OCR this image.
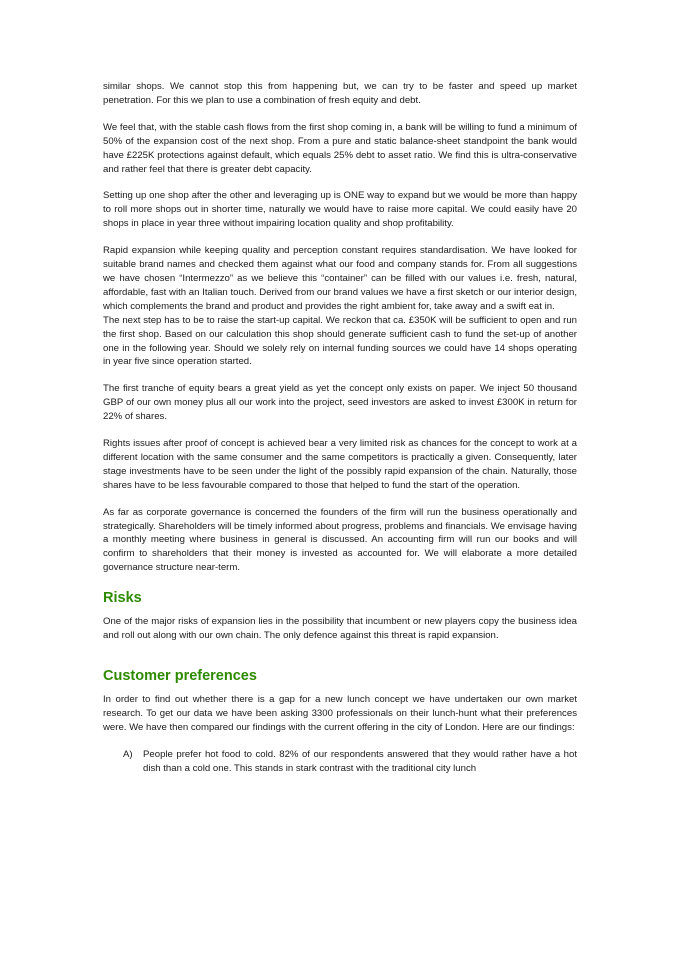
similar shops. We cannot stop this from happening but, we can try to be faster and speed up market penetration. For this we plan to use a combination of fresh equity and debt.

We feel that, with the stable cash flows from the first shop coming in, a bank will be willing to fund a minimum of 50% of the expansion cost of the next shop. From a pure and static balance-sheet standpoint the bank would have £225K protections against default, which equals 25% debt to asset ratio. We find this is ultra-conservative and rather feel that there is greater debt capacity.

Setting up one shop after the other and leveraging up is ONE way to expand but we would be more than happy to roll more shops out in shorter time, naturally we would have to raise more capital. We could easily have 20 shops in place in year three without impairing location quality and shop profitability.

Rapid expansion while keeping quality and perception constant requires standardisation. We have looked for suitable brand names and checked them against what our food and company stands for. From all suggestions we have chosen “Intermezzo” as we believe this “container” can be filled with our values i.e. fresh, natural, affordable, fast with an Italian touch. Derived from our brand values we have a first sketch or our interior design, which complements the brand and product and provides the right ambient for, take away and a swift eat in.

The next step has to be to raise the start-up capital. We reckon that ca. £350K will be sufficient to open and run the first shop. Based on our calculation this shop should generate sufficient cash to fund the set-up of another one in the following year. Should we solely rely on internal funding sources we could have 14 shops operating in year five since operation started.

The first tranche of equity bears a great yield as yet the concept only exists on paper. We inject 50 thousand GBP of our own money plus all our work into the project, seed investors are asked to invest £300K in return for 22% of shares.

Rights issues after proof of concept is achieved bear a very limited risk as chances for the concept to work at a different location with the same consumer and the same competitors is practically a given. Consequently, later stage investments have to be seen under the light of the possibly rapid expansion of the chain. Naturally, those shares have to be less favourable compared to those that helped to fund the start of the operation.

As far as corporate governance is concerned the founders of the firm will run the business operationally and strategically. Shareholders will be timely informed about progress, problems and financials. We envisage having a monthly meeting where business in general is discussed. An accounting firm will run our books and will confirm to shareholders that their money is invested as accounted for. We will elaborate a more detailed governance structure near-term.

Risks

One of the major risks of expansion lies in the possibility that incumbent or new players copy the business idea and roll out along with our own chain. The only defence against this threat is rapid expansion.

Customer preferences

In order to find out whether there is a gap for a new lunch concept we have undertaken our own market research. To get our data we have been asking 3300 professionals on their lunch-hunt what their preferences were. We have then compared our findings with the current offering in the city of London. Here are our findings:

A)	People prefer hot food to cold. 82% of our respondents answered that they would rather have a hot dish than a cold one. This stands in stark contrast with the traditional city lunch
